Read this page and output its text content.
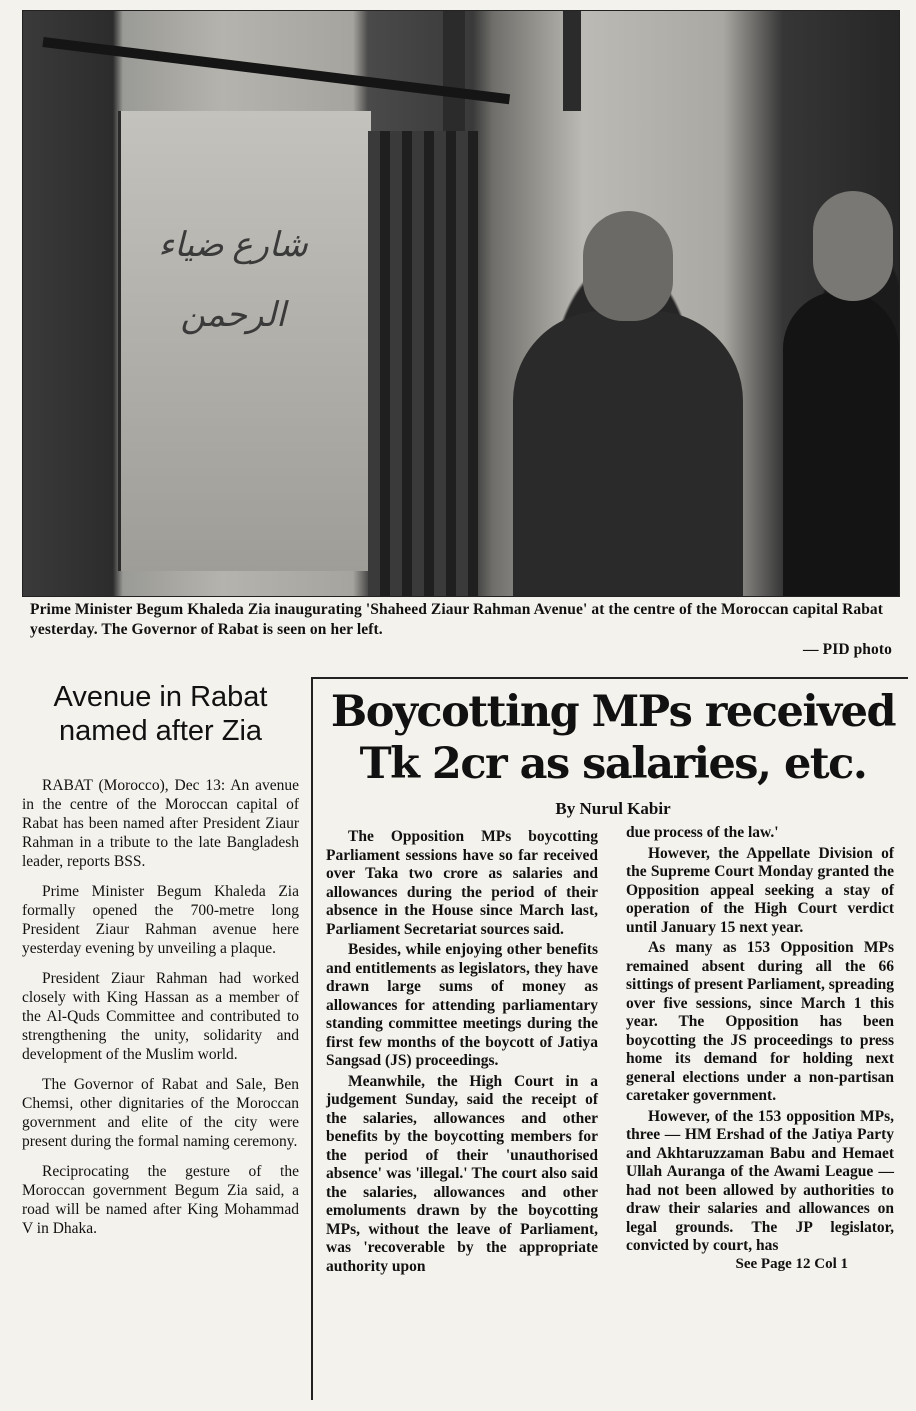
شارع ضياء الرحمن
Prime Minister Begum Khaleda Zia inaugurating 'Shaheed Ziaur Rahman Avenue' at the centre of the Moroccan capital Rabat yesterday. The Governor of Rabat is seen on her left.
— PID photo
Avenue in Rabat named after Zia

RABAT (Morocco), Dec 13: An avenue in the centre of the Moroccan capital of Rabat has been named after President Ziaur Rahman in a tribute to the late Bangladesh leader, reports BSS.

Prime Minister Begum Khaleda Zia formally opened the 700-metre long President Ziaur Rahman avenue here yesterday evening by unveiling a plaque.

President Ziaur Rahman had worked closely with King Hassan as a member of the Al-Quds Committee and contributed to strengthening the unity, solidarity and development of the Muslim world.

The Governor of Rabat and Sale, Ben Chemsi, other dignitaries of the Moroccan government and elite of the city were present during the formal naming ceremony.

Reciprocating the gesture of the Moroccan government Begum Zia said, a road will be named after King Mohammad V in Dhaka.

Boycotting MPs received
Tk 2cr as salaries, etc.
By Nurul Kabir

The Opposition MPs boycotting Parliament sessions have so far received over Taka two crore as salaries and allowances during the period of their absence in the House since March last, Parliament Secretariat sources said.

Besides, while enjoying other benefits and entitlements as legislators, they have drawn large sums of money as allowances for attending parliamentary standing committee meetings during the first few months of the boycott of Jatiya Sangsad (JS) proceedings.

Meanwhile, the High Court in a judgement Sunday, said the receipt of the salaries, allowances and other benefits by the boycotting members for the period of their 'unauthorised absence' was 'illegal.' The court also said the salaries, allowances and other emoluments drawn by the boycotting MPs, without the leave of Parliament, was 'recoverable by the appropriate authority upon

due process of the law.'

However, the Appellate Division of the Supreme Court Monday granted the Opposition appeal seeking a stay of operation of the High Court verdict until January 15 next year.

As many as 153 Opposition MPs remained absent during all the 66 sittings of present Parliament, spreading over five sessions, since March 1 this year. The Opposition has been boycotting the JS proceedings to press home its demand for holding next general elections under a non-partisan caretaker government.

However, of the 153 opposition MPs, three — HM Ershad of the Jatiya Party and Akhtaruzzaman Babu and Hemaet Ullah Auranga of the Awami League — had not been allowed by authorities to draw their salaries and allowances on legal grounds. The JP legislator, convicted by court, has

See Page 12 Col 1
